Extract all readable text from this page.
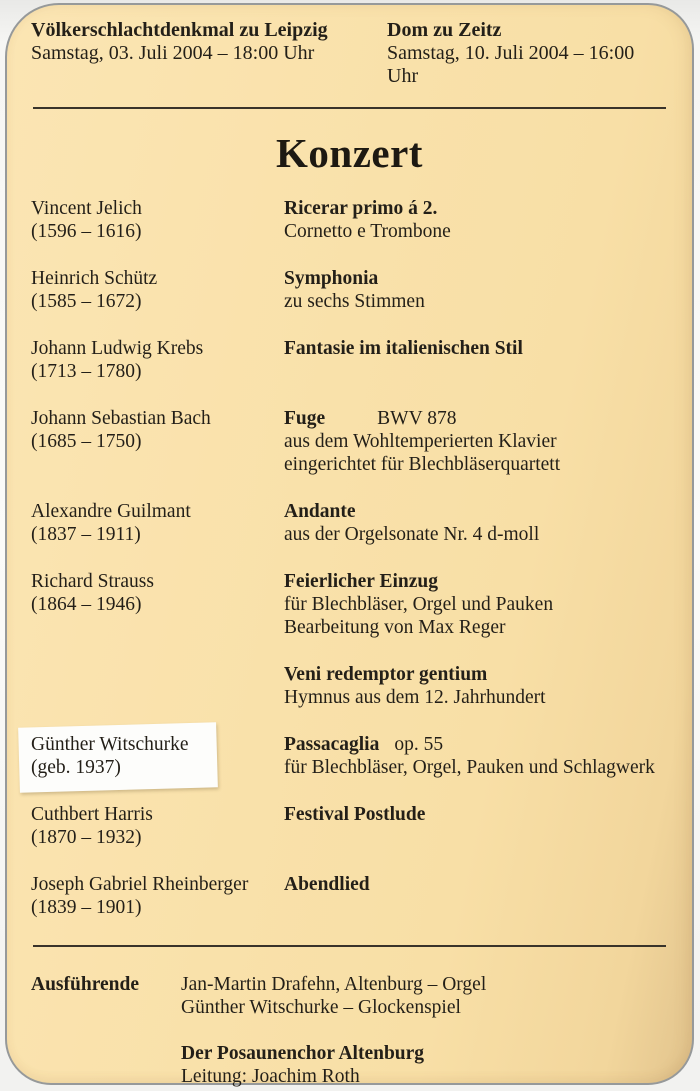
Völkerschlachtdenkmal zu Leipzig
Samstag, 03. Juli 2004 – 18:00 Uhr
Dom zu Zeitz
Samstag, 10. Juli 2004 – 16:00 Uhr
Konzert
Vincent Jelich
(1596 – 1616)
Ricerar primo á 2.
Cornetto e Trombone
Heinrich Schütz
(1585 – 1672)
Symphonia
zu sechs Stimmen
Johann Ludwig Krebs
(1713 – 1780)
Fantasie im italienischen Stil
Johann Sebastian Bach
(1685 – 1750)
Fuge	BWV 878
aus dem Wohltemperierten Klavier
eingerichtet für Blechbläserquartett
Alexandre Guilmant
(1837 – 1911)
Andante
aus der Orgelsonate Nr. 4 d-moll
Richard Strauss
(1864 – 1946)
Feierlicher Einzug
für Blechbläser, Orgel und Pauken
Bearbeitung von Max Reger
Veni redemptor gentium
Hymnus aus dem 12. Jahrhundert
Günther Witschurke
(geb. 1937)
Passacaglia op. 55
für Blechbläser, Orgel, Pauken und Schlagwerk
Cuthbert Harris
(1870 – 1932)
Festival Postlude
Joseph Gabriel Rheinberger
(1839 – 1901)
Abendlied
Ausführende	Jan-Martin Drafehn, Altenburg – Orgel
Günther Witschurke – Glockenspiel
Der Posaunenchor Altenburg
Leitung: Joachim Roth
